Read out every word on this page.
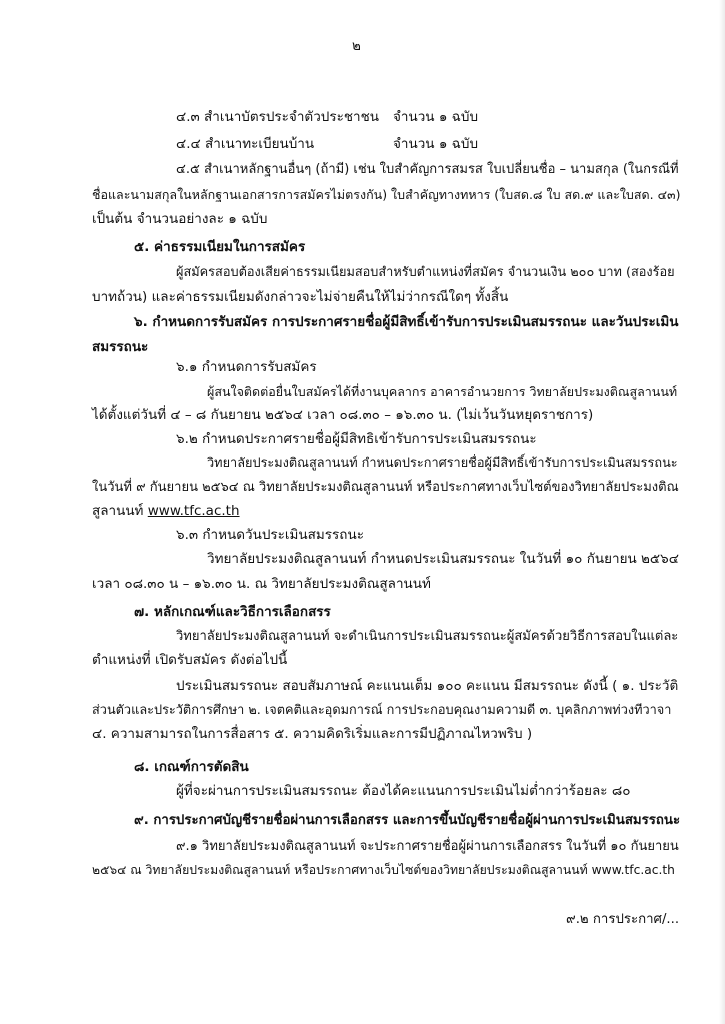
๒
๔.๓ สำเนาบัตรประจำตัวประชาชน จำนวน ๑ ฉบับ
๔.๔ สำเนาทะเบียนบ้าน	จำนวน ๑ ฉบับ
๔.๕ สำเนาหลักฐานอื่นๆ (ถ้ามี) เช่น ใบสำคัญการสมรส ใบเปลี่ยนชื่อ – นามสกุล (ในกรณีที่
ชื่อและนามสกุลในหลักฐานเอกสารการสมัครไม่ตรงกัน) ใบสำคัญทางทหาร (ใบสด.๘ ใบ สด.๙ และใบสด. ๔๓)
เป็นต้น จำนวนอย่างละ ๑ ฉบับ
๕. ค่าธรรมเนียมในการสมัคร
ผู้สมัครสอบต้องเสียค่าธรรมเนียมสอบสำหรับตำแหน่งที่สมัคร จำนวนเงิน ๒๐๐ บาท (สองร้อย
บาทถ้วน) และค่าธรรมเนียมดังกล่าวจะไม่จ่ายคืนให้ไม่ว่ากรณีใดๆ ทั้งสิ้น
๖. กำหนดการรับสมัคร การประกาศรายชื่อผู้มีสิทธิ์เข้ารับการประเมินสมรรถนะ และวันประเมิน
สมรรถนะ
๖.๑ กำหนดการรับสมัคร
ผู้สนใจติดต่อยื่นใบสมัครได้ที่งานบุคลากร อาคารอำนวยการ วิทยาลัยประมงติณสูลานนท์
ได้ตั้งแต่วันที่ ๔ – ๘ กันยายน ๒๕๖๔ เวลา ๐๘.๓๐ – ๑๖.๓๐ น. (ไม่เว้นวันหยุดราชการ)
๖.๒ กำหนดประกาศรายชื่อผู้มีสิทธิเข้ารับการประเมินสมรรถนะ
วิทยาลัยประมงติณสูลานนท์ กำหนดประกาศรายชื่อผู้มีสิทธิ์เข้ารับการประเมินสมรรถนะ
ในวันที่ ๙ กันยายน ๒๕๖๔ ณ วิทยาลัยประมงติณสูลานนท์ หรือประกาศทางเว็บไซต์ของวิทยาลัยประมงติณ
สูลานนท์ www.tfc.ac.th
๖.๓ กำหนดวันประเมินสมรรถนะ
วิทยาลัยประมงติณสูลานนท์ กำหนดประเมินสมรรถนะ ในวันที่ ๑๐ กันยายน ๒๕๖๔
เวลา ๐๘.๓๐ น – ๑๖.๓๐ น. ณ วิทยาลัยประมงติณสูลานนท์
๗. หลักเกณฑ์และวิธีการเลือกสรร
วิทยาลัยประมงติณสูลานนท์ จะดำเนินการประเมินสมรรถนะผู้สมัครด้วยวิธีการสอบในแต่ละ
ตำแหน่งที่ เปิดรับสมัคร ดังต่อไปนี้
ประเมินสมรรถนะ สอบสัมภาษณ์ คะแนนเต็ม ๑๐๐ คะแนน มีสมรรถนะ ดังนี้ ( ๑. ประวัติ
ส่วนตัวและประวัติการศึกษา ๒. เจตคติและอุดมการณ์ การประกอบคุณงามความดี ๓. บุคลิกภาพท่วงทีวาจา
๔. ความสามารถในการสื่อสาร ๕. ความคิดริเริ่มและการมีปฏิภาณไหวพริบ )
๘. เกณฑ์การตัดสิน
ผู้ที่จะผ่านการประเมินสมรรถนะ ต้องได้คะแนนการประเมินไม่ต่ำกว่าร้อยละ ๘๐
๙. การประกาศบัญชีรายชื่อผ่านการเลือกสรร และการขึ้นบัญชีรายชื่อผู้ผ่านการประเมินสมรรถนะ
๙.๑ วิทยาลัยประมงติณสูลานนท์ จะประกาศรายชื่อผู้ผ่านการเลือกสรร ในวันที่ ๑๐ กันยายน
๒๕๖๔ ณ วิทยาลัยประมงติณสูลานนท์ หรือประกาศทางเว็บไซต์ของวิทยาลัยประมงติณสูลานนท์ www.tfc.ac.th
๙.๒ การประกาศ/...
